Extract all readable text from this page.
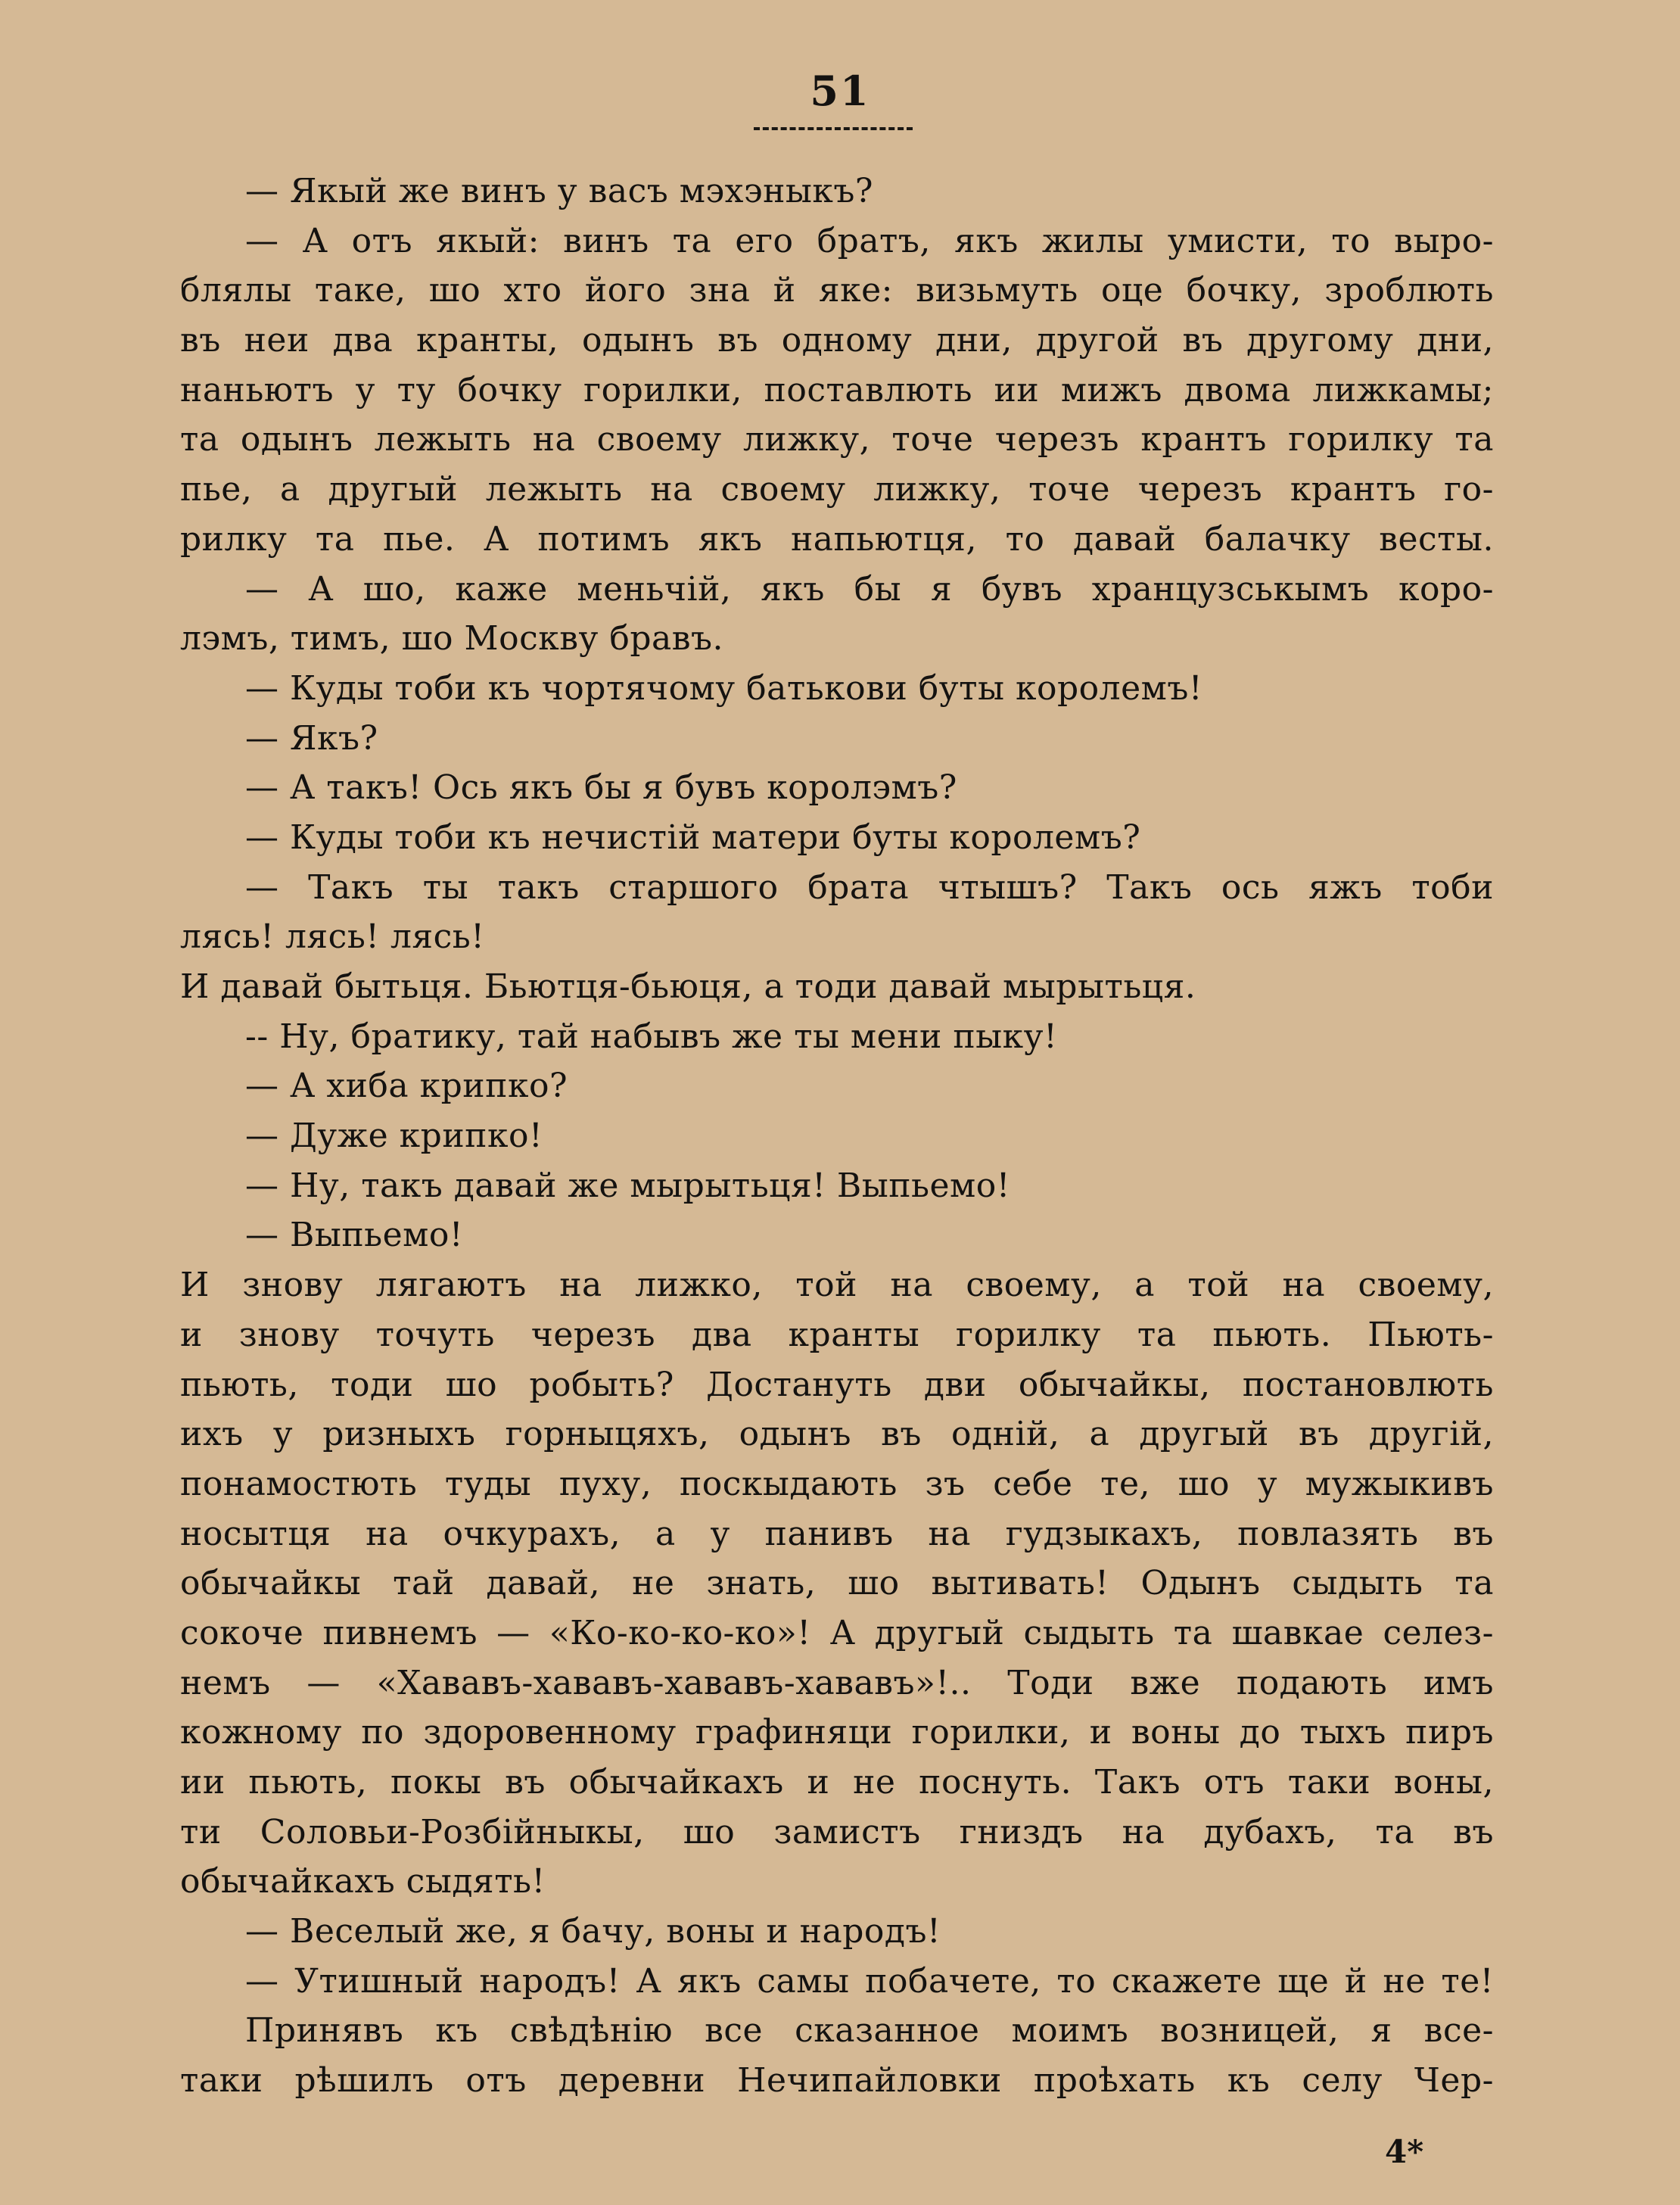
51
— Якый же винъ у васъ мэхэныкъ?
— А отъ якый: винъ та его братъ, якъ жилы умисти, то выро-
блялы таке, шо хто його зна й яке: визьмуть оце бочку, зроблють
въ неи два кранты, одынъ въ одному дни, другой въ другому дни,
наньютъ у ту бочку горилки, поставлють ии мижъ двома лижкамы;
та одынъ лежыть на своему лижку, точе черезъ крантъ горилку та
пье, а другый лежыть на своему лижку, точе черезъ крантъ го-
рилку та пье. А потимъ якъ напьютця, то давай балачку весты.
— А шо, каже меньчій, якъ бы я бувъ хранцузськымъ коро-
лэмъ, тимъ, шо Москву бравъ.
— Куды тоби къ чортячому батькови буты королемъ!
— Якъ?
— А такъ! Ось якъ бы я бувъ королэмъ?
— Куды тоби къ нечистій матери буты королемъ?
— Такъ ты такъ старшого брата чтышъ? Такъ ось яжъ тоби
лясь! лясь! лясь!
И давай бытьця. Бьютця-бьюця, а тоди давай мырытьця.
-- Ну, братику, тай набывъ же ты мени пыку!
— А хиба крипко?
— Дуже крипко!
— Ну, такъ давай же мырытьця! Выпьемо!
— Выпьемо!
И знову лягаютъ на лижко, той на своему, а той на своему,
и знову точуть черезъ два кранты горилку та пьють. Пьють-
пьють, тоди шо робыть? Достануть дви обычайкы, постановлють
ихъ у ризныхъ горныцяхъ, одынъ въ одній, а другый въ другій,
понамостють туды пуху, поскыдають зъ себе те, шо у мужыкивъ
носытця на очкурахъ, а у панивъ на гудзыкахъ, повлазять въ
обычайкы тай давай, не знать, шо вытивать! Одынъ сыдыть та
сокоче пивнемъ — «Ко-ко-ко-ко»! А другый сыдыть та шавкае селез-
немъ — «Хававъ-хававъ-хававъ-хававъ»!.. Тоди вже подають имъ
кожному по здоровенному графиняци горилки, и воны до тыхъ пиръ
ии пьють, покы въ обычайкахъ и не поснуть. Такъ отъ таки воны,
ти Соловьи-Розбійныкы, шо замистъ гниздъ на дубахъ, та въ
обычайкахъ сыдять!
— Веселый же, я бачу, воны и народъ!
— Утишный народъ! А якъ самы побачете, то скажете ще й не те!
Принявъ къ свѣдѣнію все сказанное моимъ возницей, я все-
таки рѣшилъ отъ деревни Нечипайловки проѣхать къ селу Чер-
4*
